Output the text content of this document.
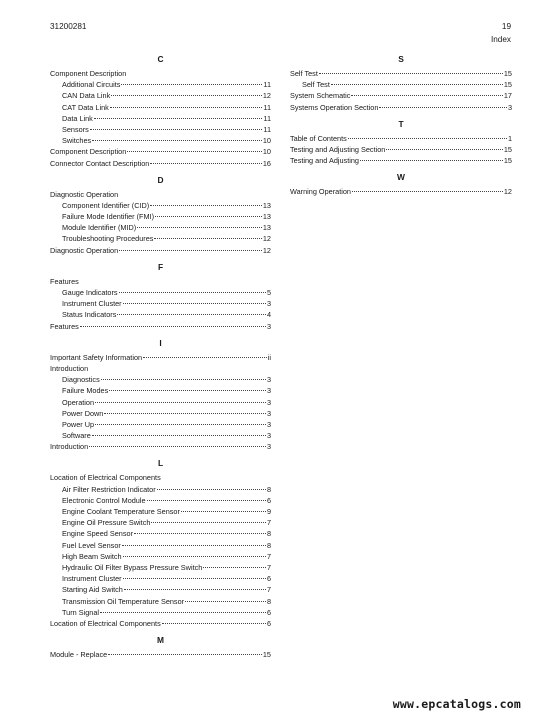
31200281	19
Index
C
Component Description
Additional Circuits	11
CAN Data Link	12
CAT Data Link	11
Data Link	11
Sensors	11
Switches	10
Component Description	10
Connector Contact Description	16
D
Diagnostic Operation
Component Identifier (CID)	13
Failure Mode Identifier (FMI)	13
Module Identifier (MID)	13
Troubleshooting Procedures	12
Diagnostic Operation	12
F
Features
Gauge Indicators	5
Instrument Cluster	3
Status Indicators	4
Features	3
I
Important Safety Information	ii
Introduction
Diagnostics	3
Failure Modes	3
Operation	3
Power Down	3
Power Up	3
Software	3
Introduction	3
L
Location of Electrical Components
Air Filter Restriction Indicator	8
Electronic Control Module	6
Engine Coolant Temperature Sensor	9
Engine Oil Pressure Switch	7
Engine Speed Sensor	8
Fuel Level Sensor	8
High Beam Switch	7
Hydraulic Oil Filter Bypass Pressure Switch	7
Instrument Cluster	6
Starting Aid Switch	7
Transmission Oil Temperature Sensor	8
Turn Signal	6
Location of Electrical Components	6
M
Module - Replace	15
S
Self Test	15
Self Test	15
System Schematic	17
Systems Operation Section	3
T
Table of Contents	1
Testing and Adjusting Section	15
Testing and Adjusting	15
W
Warning Operation	12
www.epcatalogs.com
